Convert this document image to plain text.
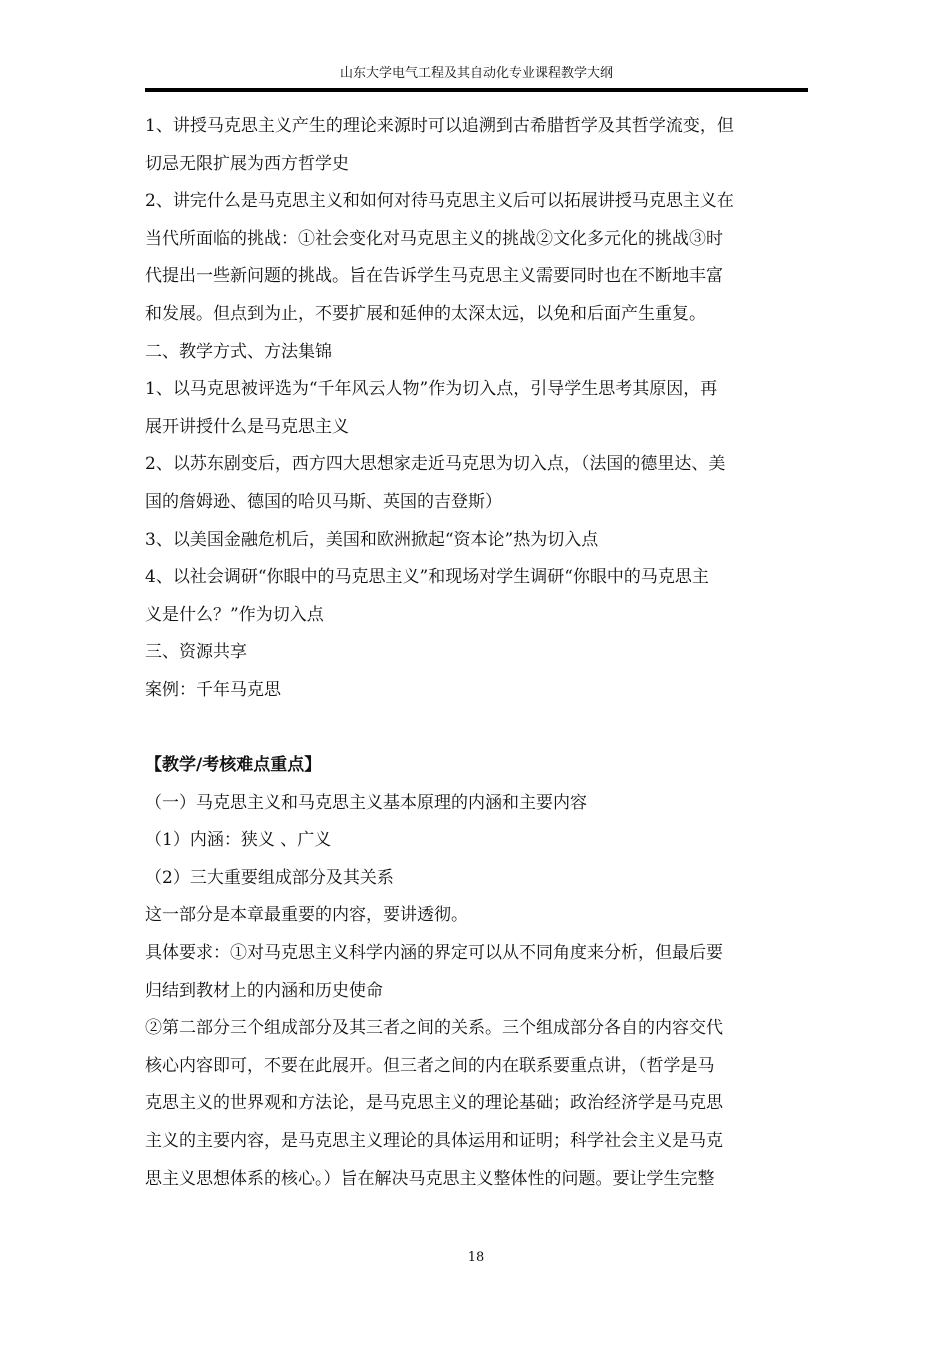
山东大学电气工程及其自动化专业课程教学大纲
1、讲授马克思主义产生的理论来源时可以追溯到古希腊哲学及其哲学流变，但
切忌无限扩展为西方哲学史
2、讲完什么是马克思主义和如何对待马克思主义后可以拓展讲授马克思主义在
当代所面临的挑战：①社会变化对马克思主义的挑战②文化多元化的挑战③时
代提出一些新问题的挑战。旨在告诉学生马克思主义需要同时也在不断地丰富
和发展。但点到为止，不要扩展和延伸的太深太远，以免和后面产生重复。
二、教学方式、方法集锦
1、以马克思被评选为“千年风云人物”作为切入点，引导学生思考其原因，再
展开讲授什么是马克思主义
2、以苏东剧变后，西方四大思想家走近马克思为切入点，（法国的德里达、美
国的詹姆逊、德国的哈贝马斯、英国的吉登斯）
3、以美国金融危机后，美国和欧洲掀起“资本论”热为切入点
4、以社会调研“你眼中的马克思主义”和现场对学生调研“你眼中的马克思主
义是什么？”作为切入点
三、资源共享
案例：千年马克思
【教学/考核难点重点】
（一）马克思主义和马克思主义基本原理的内涵和主要内容
（1）内涵：狭义 、广义
（2）三大重要组成部分及其关系
这一部分是本章最重要的内容，要讲透彻。
具体要求：①对马克思主义科学内涵的界定可以从不同角度来分析，但最后要
归结到教材上的内涵和历史使命
②第二部分三个组成部分及其三者之间的关系。三个组成部分各自的内容交代
核心内容即可，不要在此展开。但三者之间的内在联系要重点讲，（哲学是马
克思主义的世界观和方法论，是马克思主义的理论基础；政治经济学是马克思
主义的主要内容，是马克思主义理论的具体运用和证明；科学社会主义是马克
思主义思想体系的核心。）旨在解决马克思主义整体性的问题。要让学生完整
18
